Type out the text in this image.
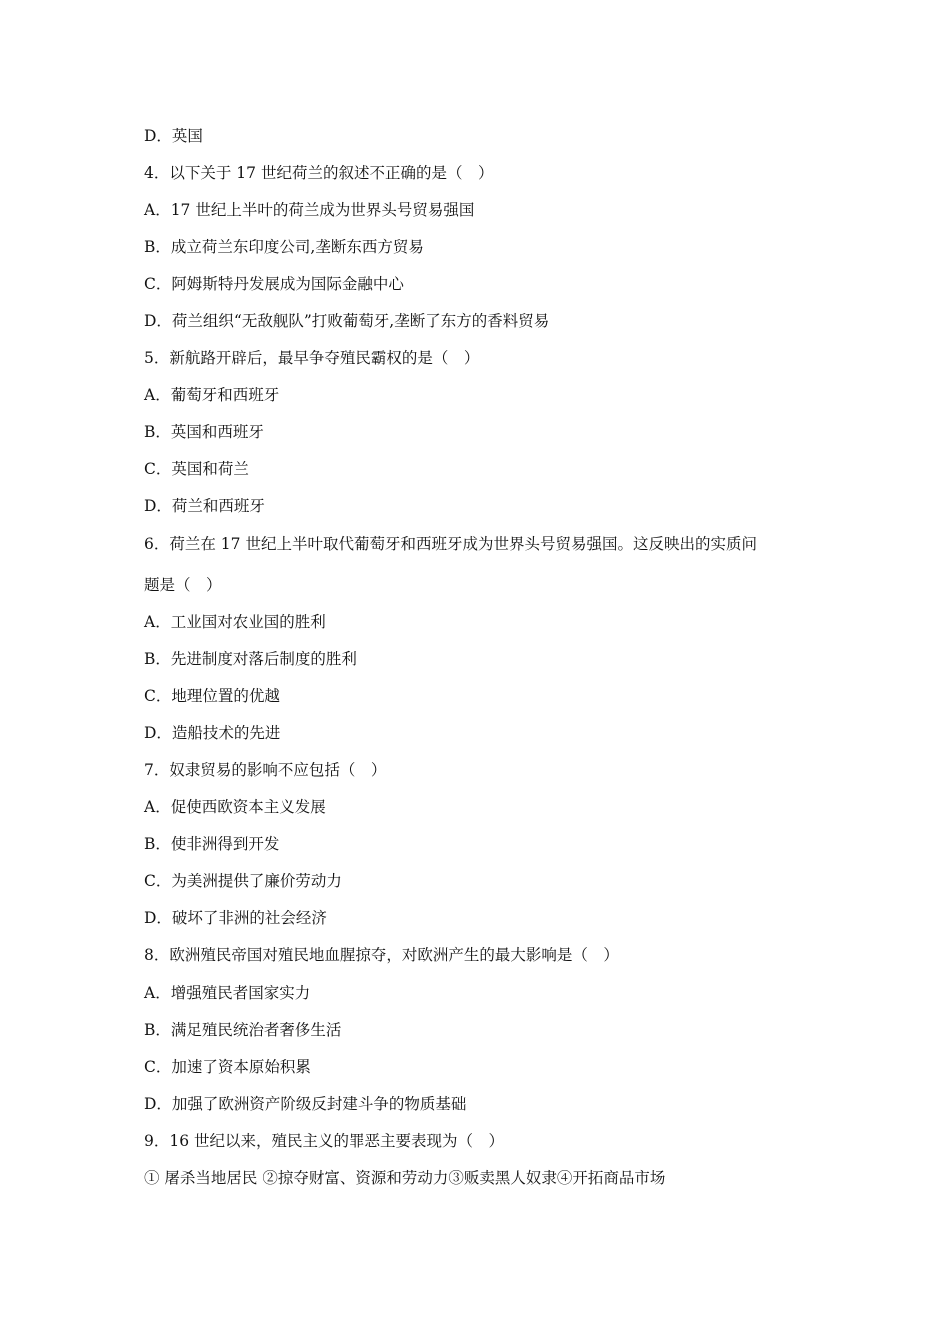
D．英国
4．以下关于 17 世纪荷兰的叙述不正确的是（　）
A．17 世纪上半叶的荷兰成为世界头号贸易强国
B．成立荷兰东印度公司,垄断东西方贸易
C．阿姆斯特丹发展成为国际金融中心
D．荷兰组织“无敌舰队”打败葡萄牙,垄断了东方的香料贸易
5．新航路开辟后，最早争夺殖民霸权的是（　）
A．葡萄牙和西班牙
B．英国和西班牙
C．英国和荷兰
D．荷兰和西班牙
6．荷兰在 17 世纪上半叶取代葡萄牙和西班牙成为世界头号贸易强国。这反映出的实质问
题是（　）
A．工业国对农业国的胜利
B．先进制度对落后制度的胜利
C．地理位置的优越
D．造船技术的先进
7．奴隶贸易的影响不应包括（　）
A．促使西欧资本主义发展
B．使非洲得到开发
C．为美洲提供了廉价劳动力
D．破坏了非洲的社会经济
8．欧洲殖民帝国对殖民地血腥掠夺，对欧洲产生的最大影响是（　）
A．增强殖民者国家实力
B．满足殖民统治者奢侈生活
C．加速了资本原始积累
D．加强了欧洲资产阶级反封建斗争的物质基础
9．16 世纪以来，殖民主义的罪恶主要表现为（　）
① 屠杀当地居民 ②掠夺财富、资源和劳动力③贩卖黑人奴隶④开拓商品市场
